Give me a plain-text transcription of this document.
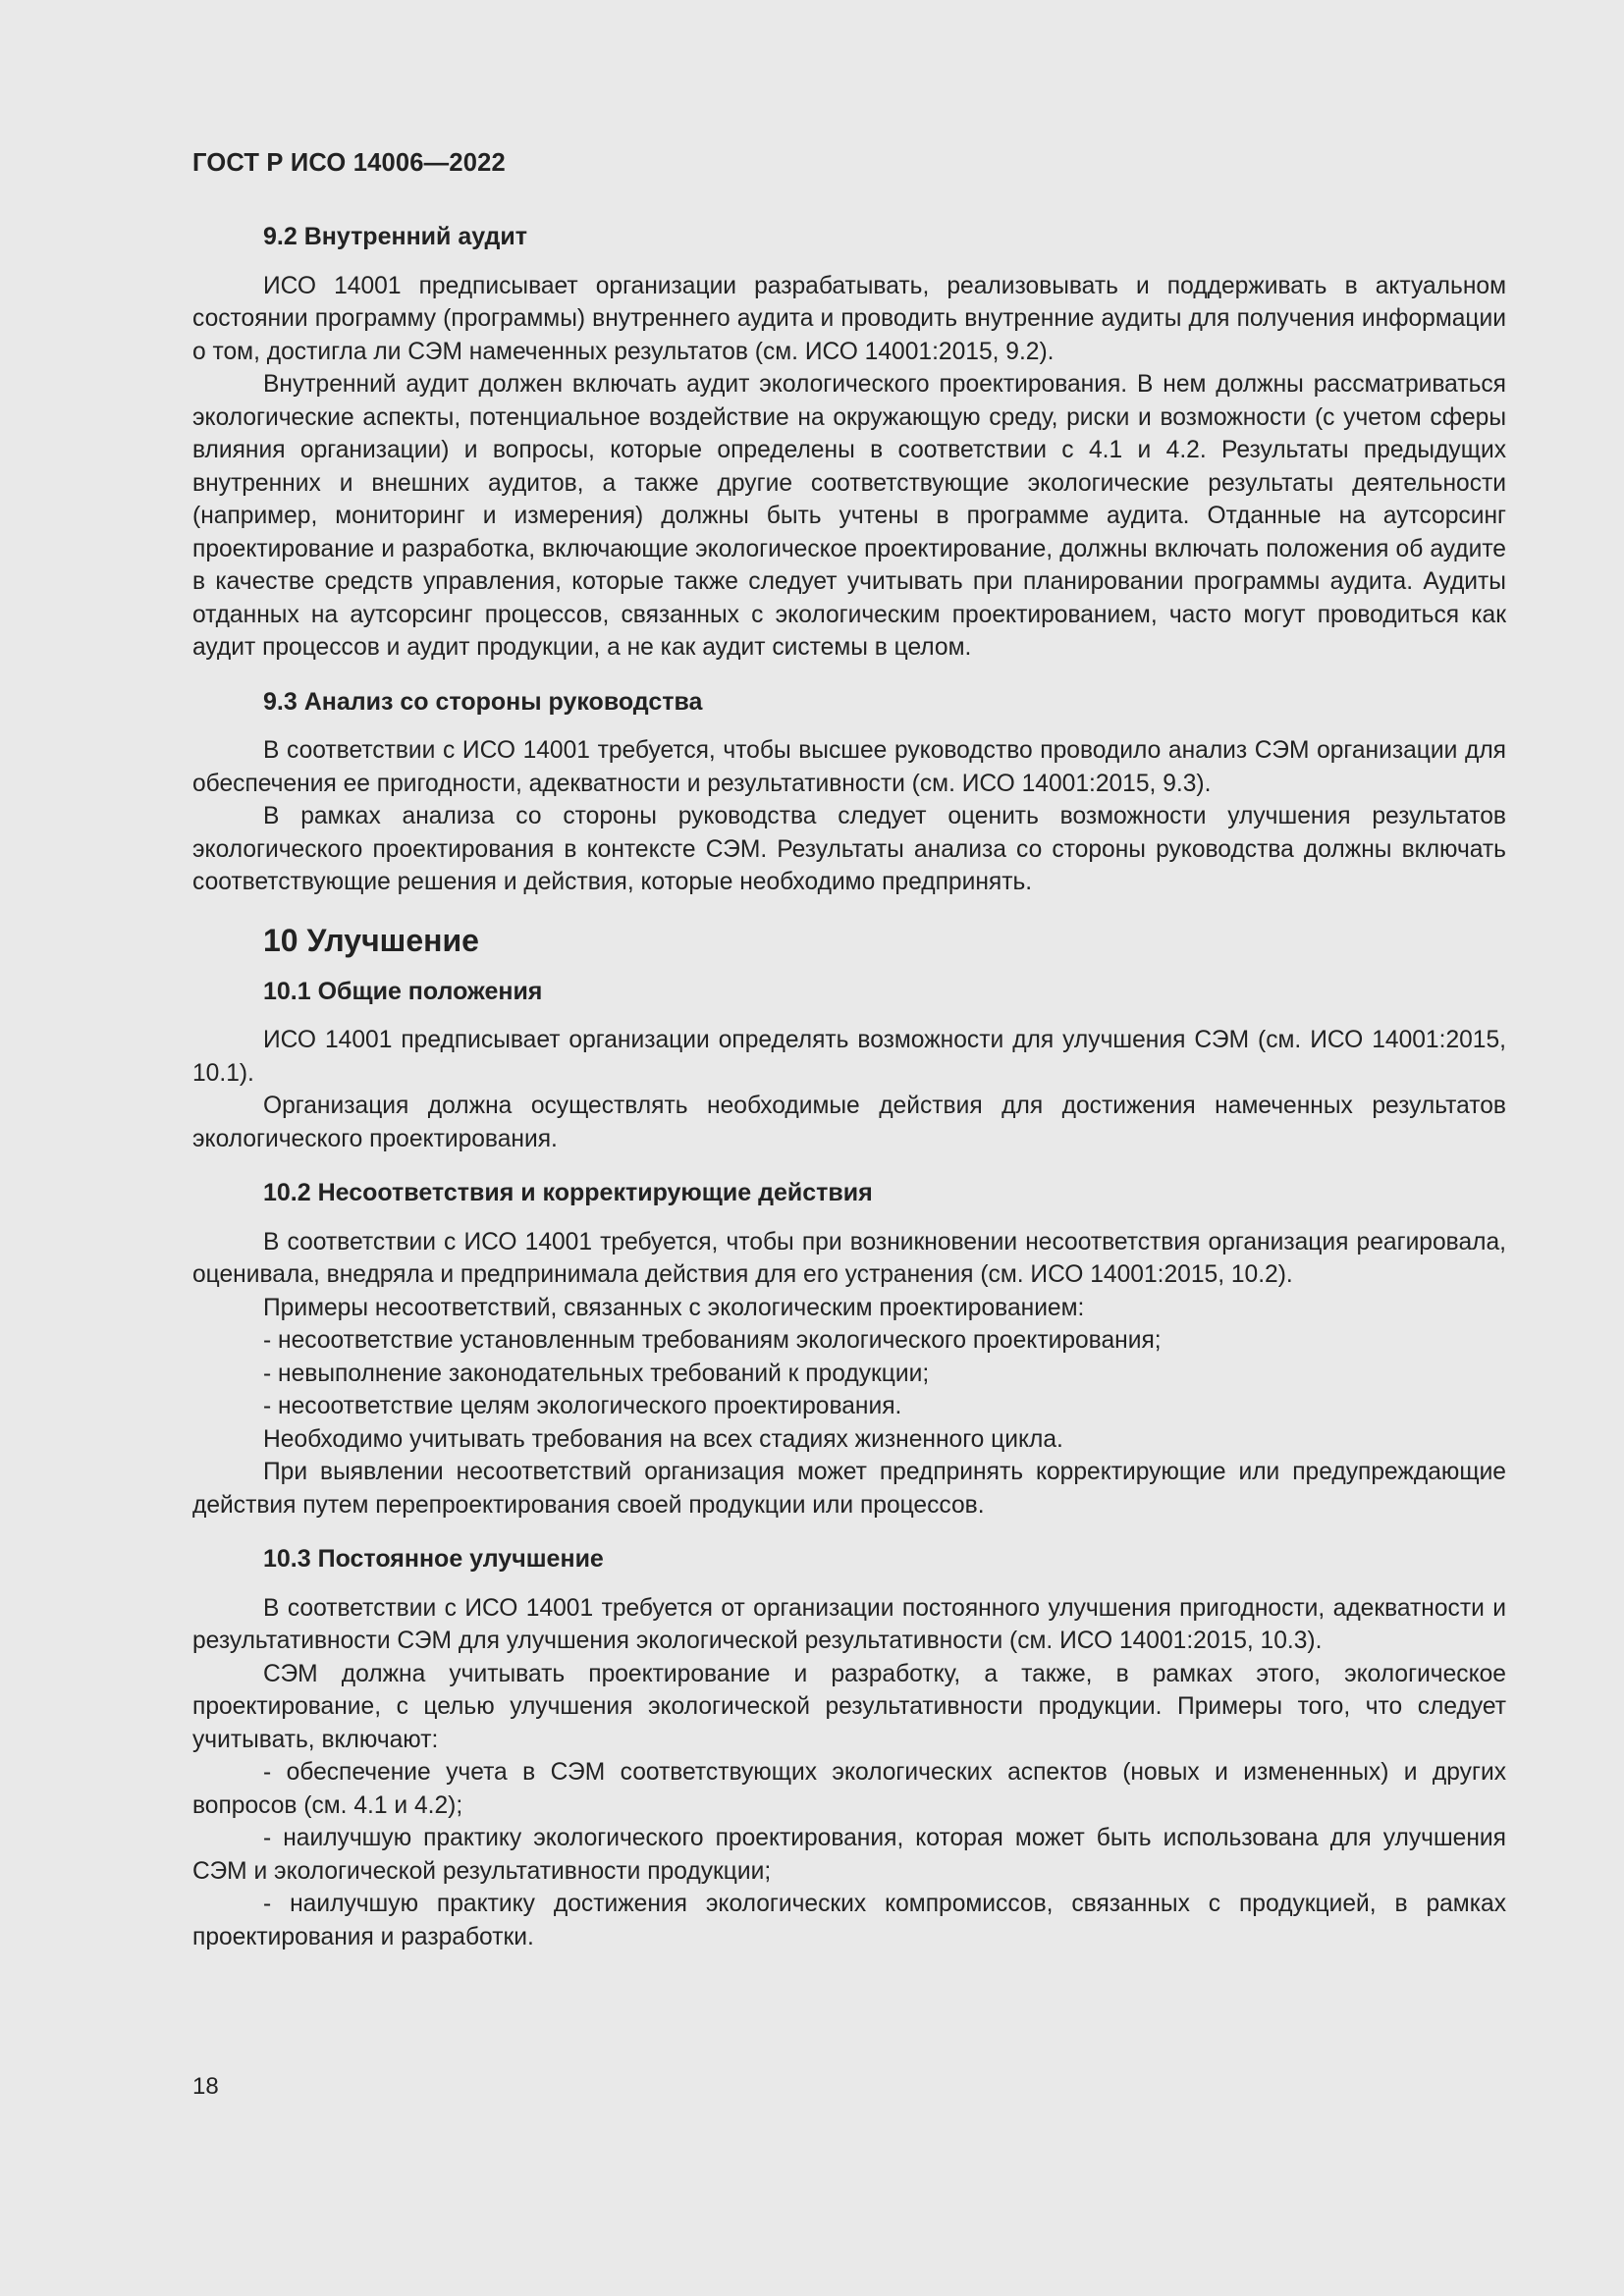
ГОСТ Р ИСО 14006—2022
9.2 Внутренний аудит

ИСО 14001 предписывает организации разрабатывать, реализовывать и поддерживать в актуальном состоянии программу (программы) внутреннего аудита и проводить внутренние аудиты для получения информации о том, достигла ли СЭМ намеченных результатов (см. ИСО 14001:2015, 9.2).

Внутренний аудит должен включать аудит экологического проектирования. В нем должны рассматриваться экологические аспекты, потенциальное воздействие на окружающую среду, риски и возможности (с учетом сферы влияния организации) и вопросы, которые определены в соответствии с 4.1 и 4.2. Результаты предыдущих внутренних и внешних аудитов, а также другие соответствующие экологические результаты деятельности (например, мониторинг и измерения) должны быть учтены в программе аудита. Отданные на аутсорсинг проектирование и разработка, включающие экологическое проектирование, должны включать положения об аудите в качестве средств управления, которые также следует учитывать при планировании программы аудита. Аудиты отданных на аутсорсинг процессов, связанных с экологическим проектированием, часто могут проводиться как аудит процессов и аудит продукции, а не как аудит системы в целом.

9.3 Анализ со стороны руководства

В соответствии с ИСО 14001 требуется, чтобы высшее руководство проводило анализ СЭМ организации для обеспечения ее пригодности, адекватности и результативности (см. ИСО 14001:2015, 9.3).

В рамках анализа со стороны руководства следует оценить возможности улучшения результатов экологического проектирования в контексте СЭМ. Результаты анализа со стороны руководства должны включать соответствующие решения и действия, которые необходимо предпринять.

10 Улучшение
10.1 Общие положения

ИСО 14001 предписывает организации определять возможности для улучшения СЭМ (см. ИСО 14001:2015, 10.1).

Организация должна осуществлять необходимые действия для достижения намеченных результатов экологического проектирования.

10.2 Несоответствия и корректирующие действия

В соответствии с ИСО 14001 требуется, чтобы при возникновении несоответствия организация реагировала, оценивала, внедряла и предпринимала действия для его устранения (см. ИСО 14001:2015, 10.2).

Примеры несоответствий, связанных с экологическим проектированием:

- несоответствие установленным требованиям экологического проектирования;

- невыполнение законодательных требований к продукции;

- несоответствие целям экологического проектирования.

Необходимо учитывать требования на всех стадиях жизненного цикла.

При выявлении несоответствий организация может предпринять корректирующие или предупреждающие действия путем перепроектирования своей продукции или процессов.

10.3 Постоянное улучшение

В соответствии с ИСО 14001 требуется от организации постоянного улучшения пригодности, адекватности и результативности СЭМ для улучшения экологической результативности (см. ИСО 14001:2015, 10.3).

СЭМ должна учитывать проектирование и разработку, а также, в рамках этого, экологическое проектирование, с целью улучшения экологической результативности продукции. Примеры того, что следует учитывать, включают:

- обеспечение учета в СЭМ соответствующих экологических аспектов (новых и измененных) и других вопросов (см. 4.1 и 4.2);

- наилучшую практику экологического проектирования, которая может быть использована для улучшения СЭМ и экологической результативности продукции;

- наилучшую практику достижения экологических компромиссов, связанных с продукцией, в рамках проектирования и разработки.

18
